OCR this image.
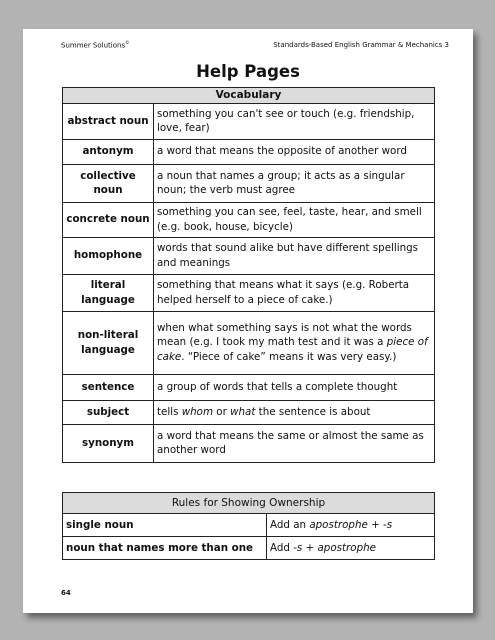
Summer Solutions©	Standards-Based English Grammar & Mechanics 3
Help Pages
Vocabulary	
abstract noun	something you can't see or touch (e.g. friendship, love, fear)
antonym	a word that means the opposite of another word
collective noun	a noun that names a group; it acts as a singular noun; the verb must agree
concrete noun	something you can see, feel, taste, hear, and smell (e.g. book, house, bicycle)
homophone	words that sound alike but have different spellings and meanings
literal language	something that means what it says (e.g. Roberta helped herself to a piece of cake.)
non-literal language	when what something says is not what the words mean (e.g. I took my math test and it was a piece of cake. “Piece of cake” means it was very easy.)
sentence	a group of words that tells a complete thought
subject	tells whom or what the sentence is about
synonym	a word that means the same or almost the same as another word
Rules for Showing Ownership	
single noun	Add an apostrophe + -s
noun that names more than one	Add -s + apostrophe
64
